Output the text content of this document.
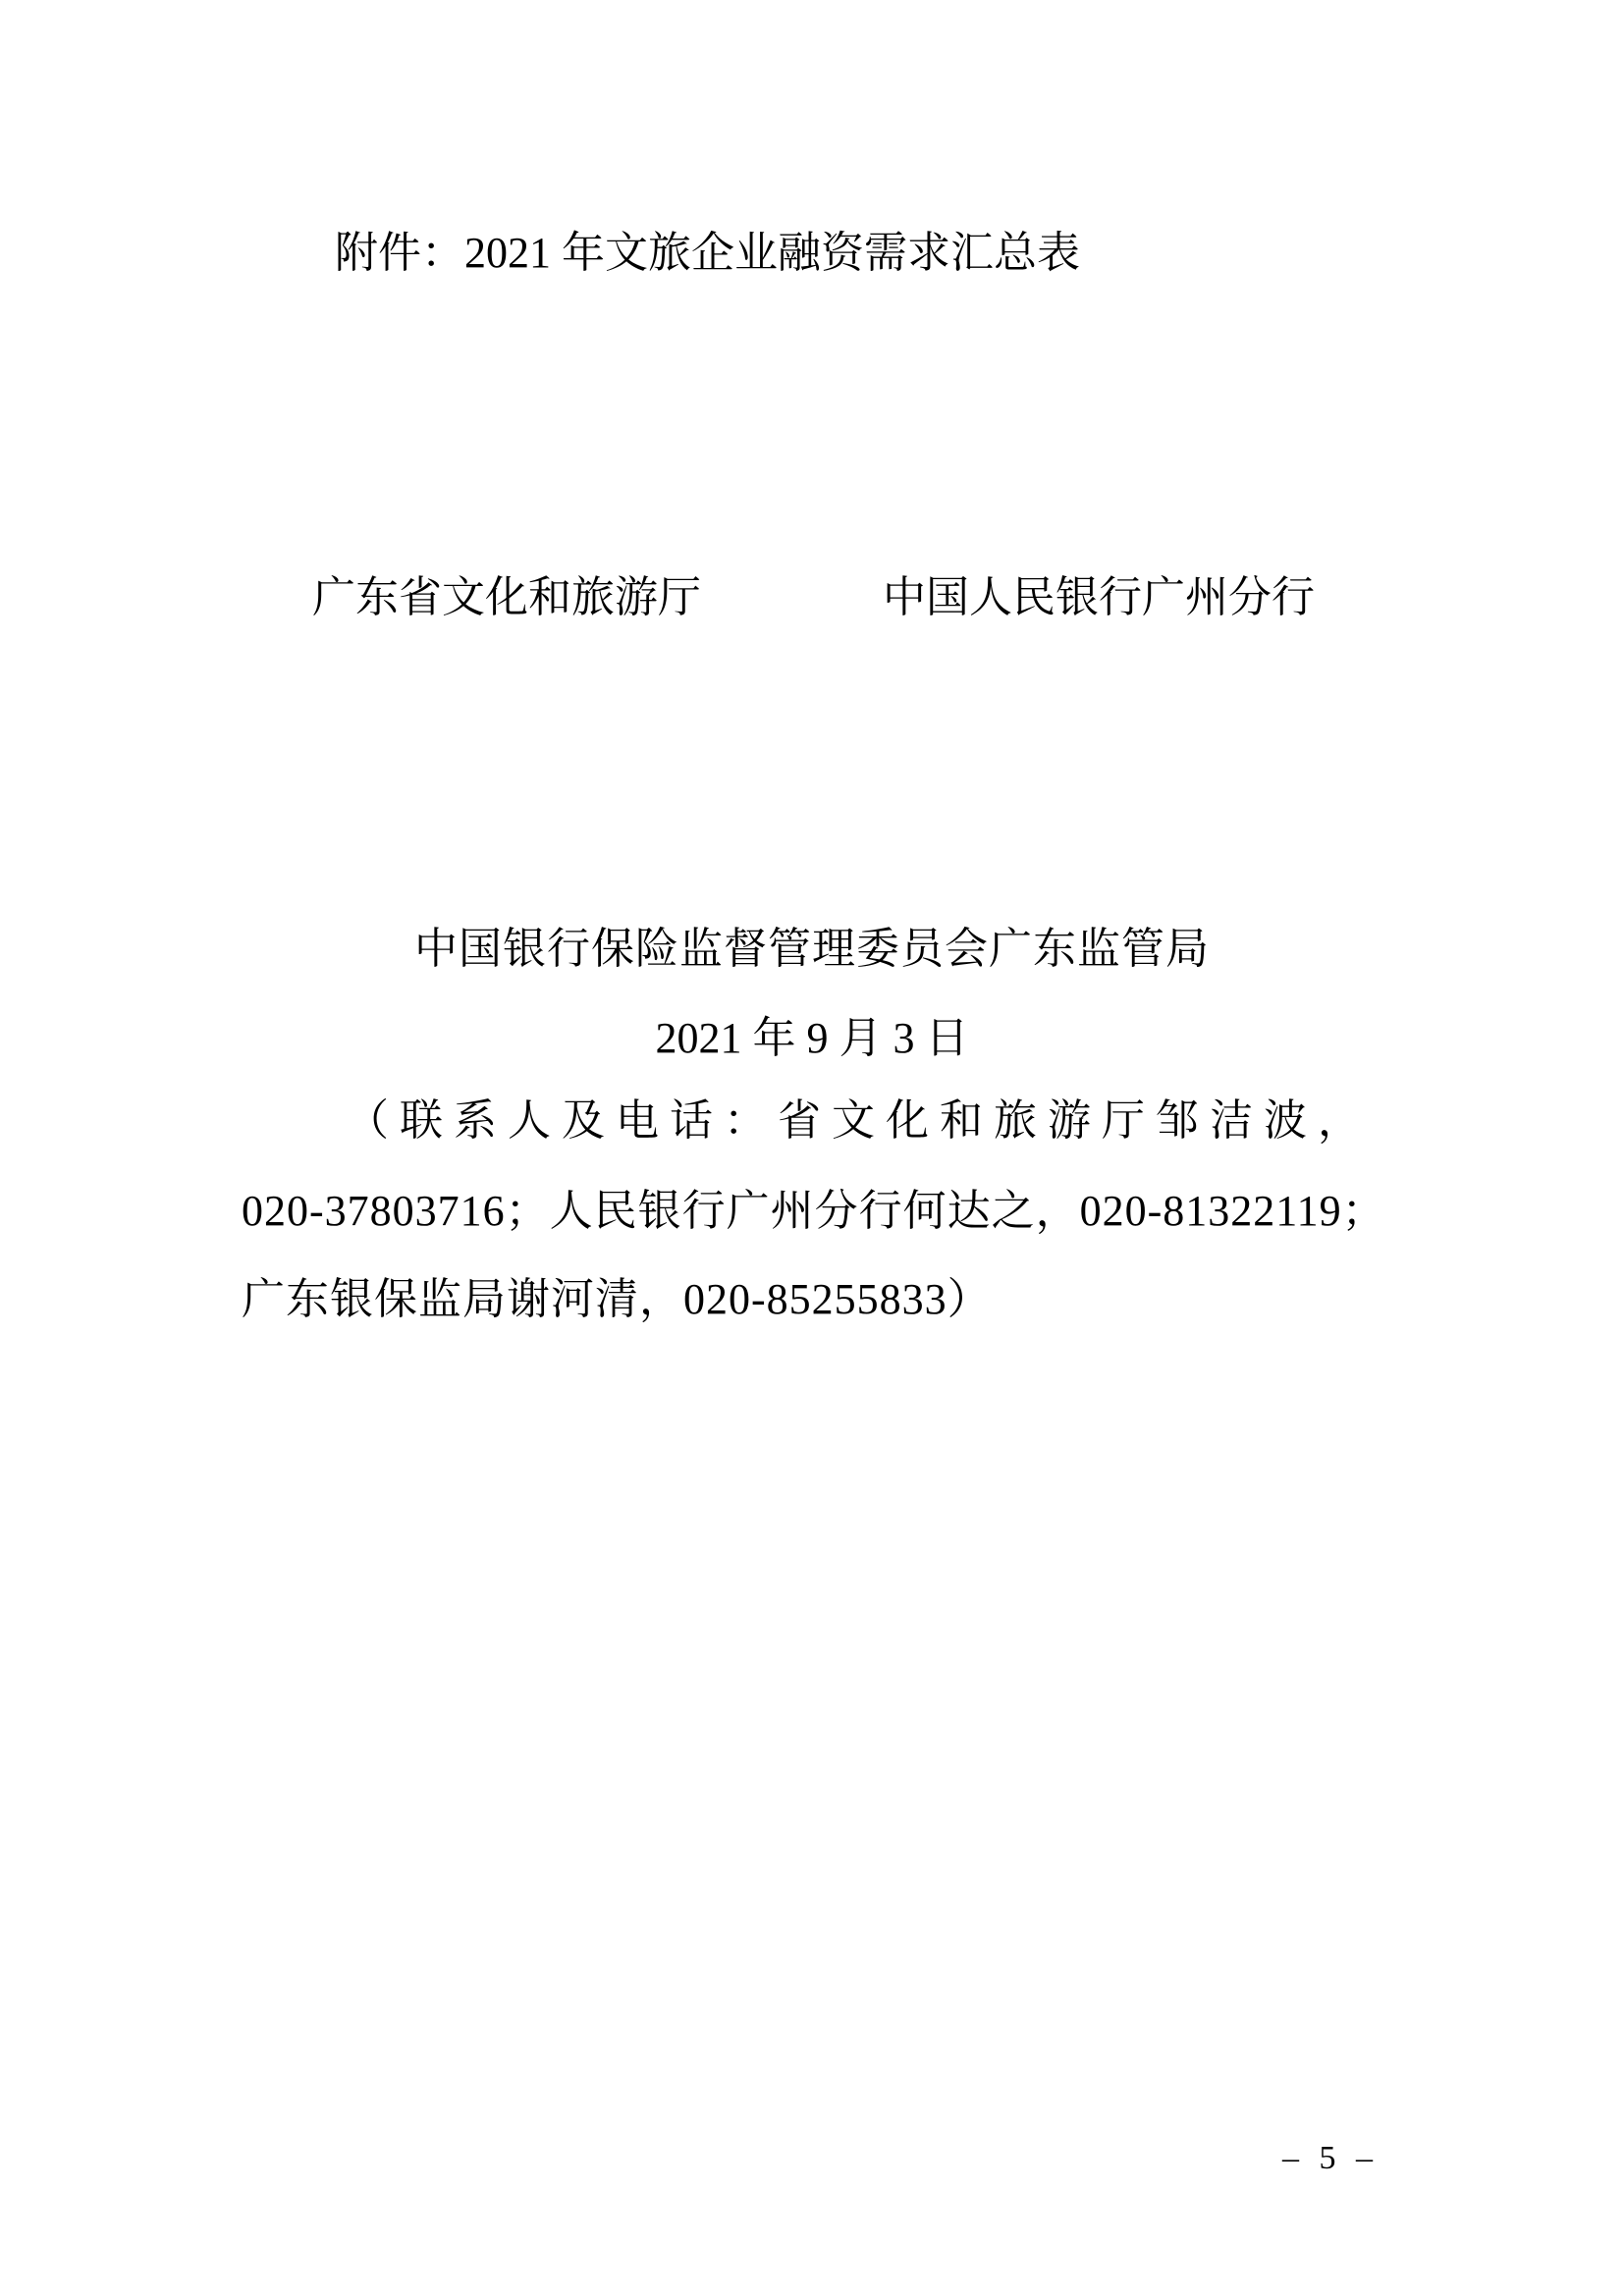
附件：2021 年文旅企业融资需求汇总表
广东省文化和旅游厅	中国人民银行广州分行
中国银行保险监督管理委员会广东监管局
2021 年 9 月 3 日
（联系人及电话：省文化和旅游厅邹洁波，
020-37803716；人民银行广州分行何达之，020-81322119；
广东银保监局谢河清，020-85255833）
– 5 –
